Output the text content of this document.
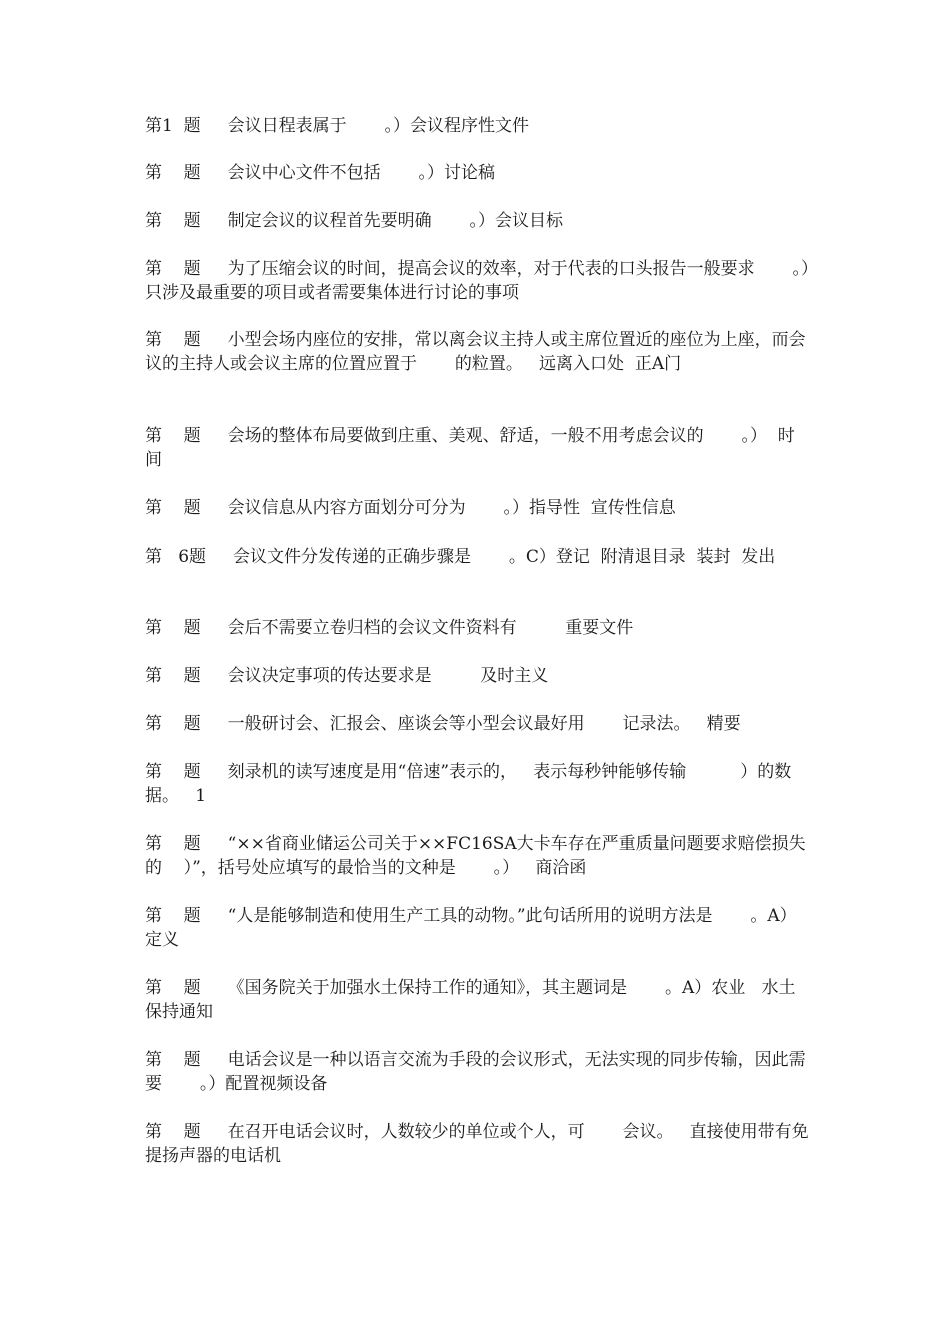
第1  题     会议日程表属于       。）会议程序性文件
第    题     会议中心文件不包括       。）讨论稿
第    题     制定会议的议程首先要明确       。）会议目标
第    题     为了压缩会议的时间，提高会议的效率，对于代表的口头报告一般要求       。）只涉及最重要的项目或者需要集体进行讨论的事项
第    题     小型会场内座位的安排，常以离会议主持人或主席位置近的座位为上座，而会议的主持人或会议主席的位置应置于       的粒置。   远离入口处  正A门
第    题     会场的整体布局要做到庄重、美观、舒适，一般不用考虑会议的       。）  时间
第    题     会议信息从内容方面划分可分为       。）指导性  宣传性信息
第   6题     会议文件分发传递的正确步骤是       。C）登记  附清退目录  装封  发出
第    题     会后不需要立卷归档的会议文件资料有         重要文件
第    题     会议决定事项的传达要求是         及时主义
第    题     一般研讨会、汇报会、座谈会等小型会议最好用       记录法。   精要
第    题     刻录机的读写速度是用“倍速”表示的，   表示每秒钟能够传输          ）的数据。   1
第    题     “××省商业储运公司关于××FC16SA大卡车存在严重质量问题要求赔偿损失的    ）”，括号处应填写的最恰当的文种是       。）   商洽函
第    题     “人是能够制造和使用生产工具的动物。”此句话所用的说明方法是       。A）定义
第    题     《国务院关于加强水土保持工作的通知》，其主题词是       。A）农业   水土保持通知
第    题     电话会议是一种以语言交流为手段的会议形式，无法实现的同步传输，因此需要       。）配置视频设备
第    题     在召开电话会议时，人数较少的单位或个人，可       会议。   直接使用带有免提扬声器的电话机
